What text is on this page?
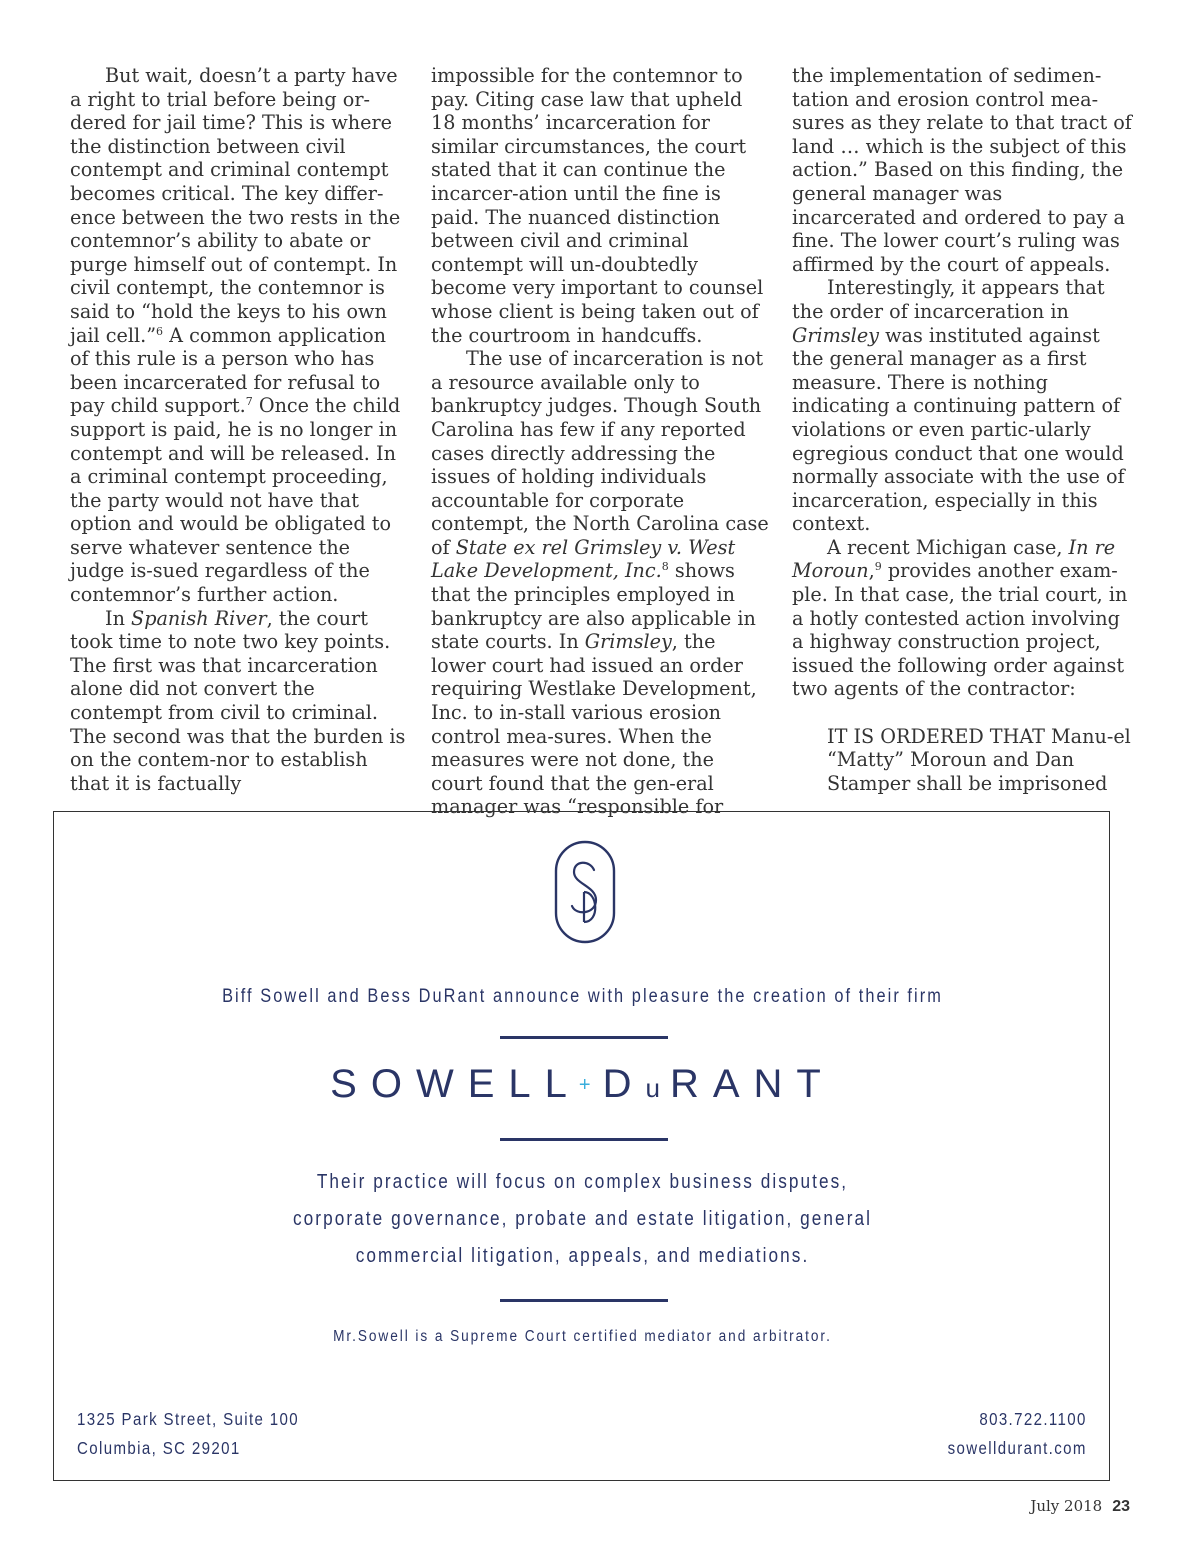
But wait, doesn’t a party have a right to trial before being or-dered for jail time? This is where the distinction between civil contempt and criminal contempt becomes critical. The key differ-ence between the two rests in the contemnor’s ability to abate or purge himself out of contempt. In civil contempt, the contemnor is said to “hold the keys to his own jail cell.”$^6$ A common application of this rule is a person who has been incarcerated for refusal to pay child support.$^7$ Once the child support is paid, he is no longer in contempt and will be released. In a criminal contempt proceeding, the party would not have that option and would be obligated to serve whatever sentence the judge is-sued regardless of the contemnor’s further action.

In Spanish River, the court took time to note two key points. The first was that incarceration alone did not convert the contempt from civil to criminal. The second was that the burden is on the contem-nor to establish that it is factually

impossible for the contemnor to pay. Citing case law that upheld 18 months’ incarceration for similar circumstances, the court stated that it can continue the incarcer-ation until the fine is paid. The nuanced distinction between civil and criminal contempt will un-doubtedly become very important to counsel whose client is being taken out of the courtroom in handcuffs.

The use of incarceration is not a resource available only to bankruptcy judges. Though South Carolina has few if any reported cases directly addressing the issues of holding individuals accountable for corporate contempt, the North Carolina case of State ex rel Grimsley v. West Lake Development, Inc.$^8$ shows that the principles employed in bankruptcy are also applicable in state courts. In Grimsley, the lower court had issued an order requiring Westlake Development, Inc. to in-stall various erosion control mea-sures. When the measures were not done, the court found that the gen-eral manager was “responsible for

the implementation of sedimen-tation and erosion control mea-sures as they relate to that tract of land … which is the subject of this action.” Based on this finding, the general manager was incarcerated and ordered to pay a fine. The lower court’s ruling was affirmed by the court of appeals.

Interestingly, it appears that the order of incarceration in Grimsley was instituted against the general manager as a first measure. There is nothing indicating a continuing pattern of violations or even partic-ularly egregious conduct that one would normally associate with the use of incarceration, especially in this context.

A recent Michigan case, In re Moroun,$^9$ provides another exam-ple. In that case, the trial court, in a hotly contested action involving a highway construction project, issued the following order against two agents of the contractor:

IT IS ORDERED THAT Manu-el “Matty” Moroun and Dan Stamper shall be imprisoned

Biff Sowell and Bess DuRant announce with pleasure the creation of their firm
SOWELL+ DuRANT
Their practice will focus on complex business disputes, corporate governance, probate and estate litigation, general commercial litigation, appeals, and mediations.
Mr.Sowell is a Supreme Court certified mediator and arbitrator.
1325 Park Street, Suite 100
Columbia, SC 29201
803.722.1100
sowelldurant.com
July 2018 23
